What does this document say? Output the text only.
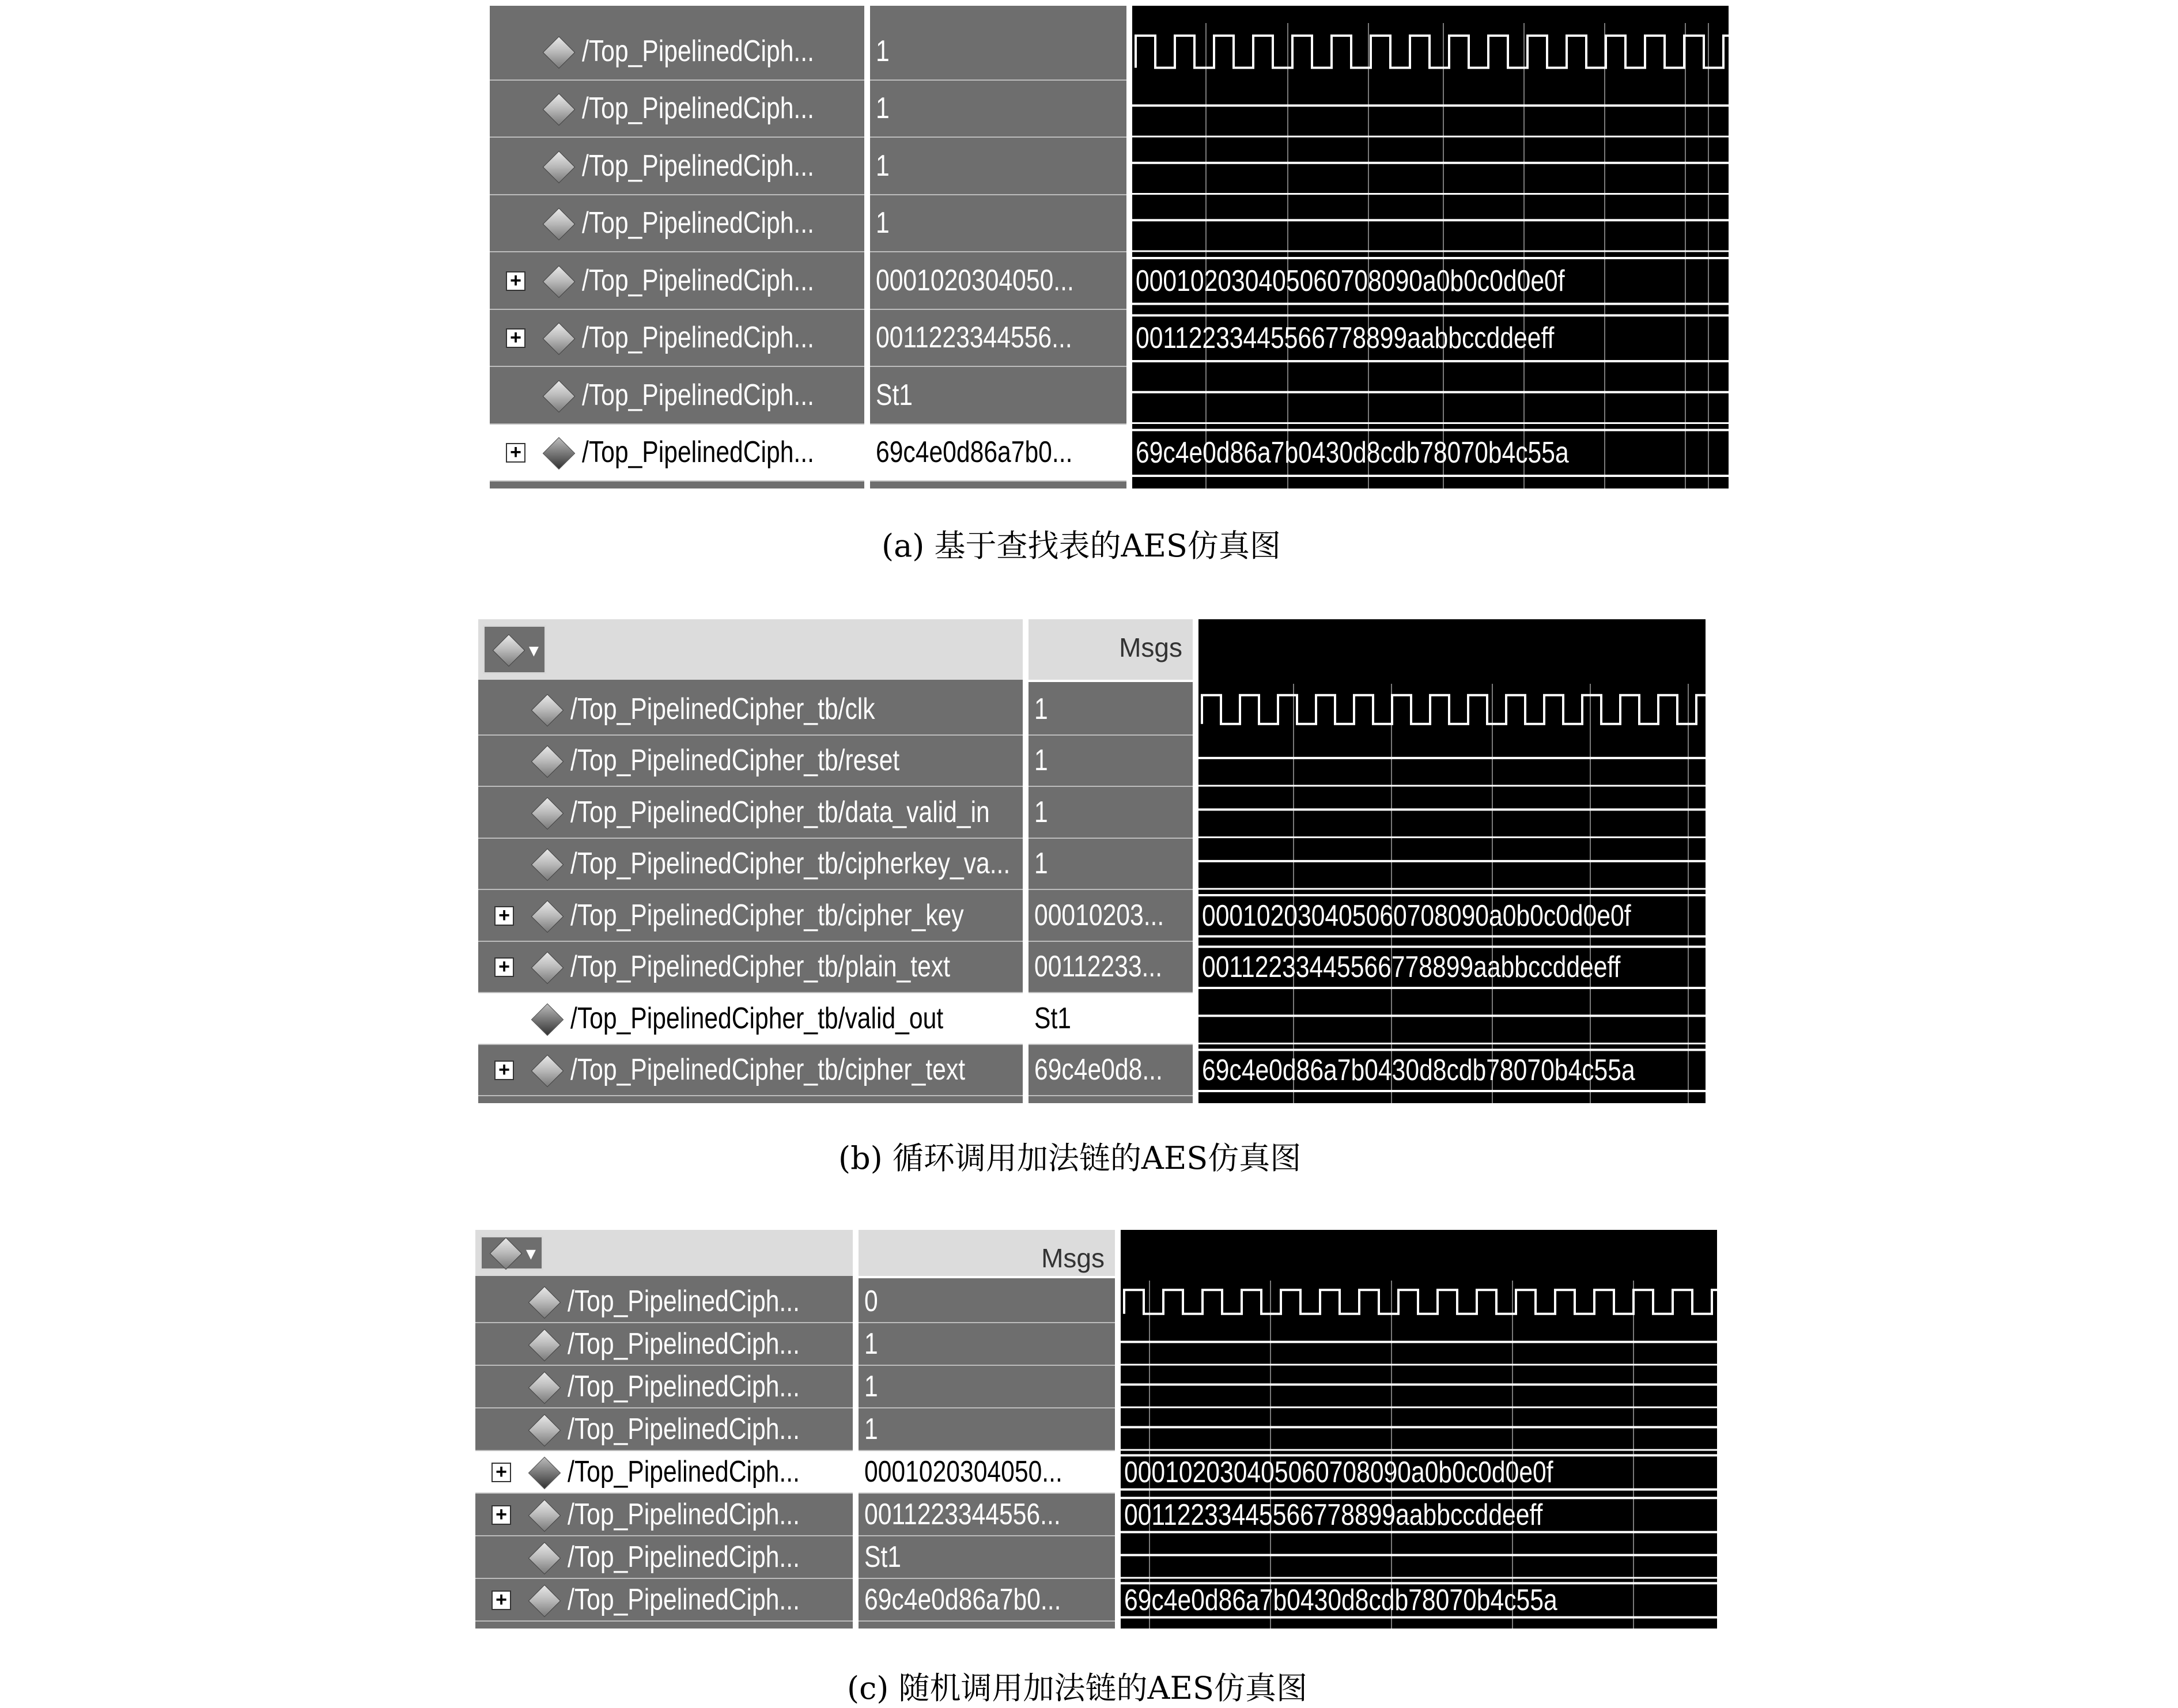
/Top_PipelinedCiph...
/Top_PipelinedCiph...
/Top_PipelinedCiph...
/Top_PipelinedCiph...
+ /Top_PipelinedCiph...
+ /Top_PipelinedCiph...
/Top_PipelinedCiph...
+ /Top_PipelinedCiph...
1
1
1
1
0001020304050...
0011223344556...
St1
69c4e0d86a7b0...
000102030405060708090a0b0c0d0e0f
00112233445566778899aabbccddeeff
69c4e0d86a7b0430d8cdb78070b4c55a
(a) 基于查找表的AES仿真图
▾
/Top_PipelinedCipher_tb/clk
/Top_PipelinedCipher_tb/reset
/Top_PipelinedCipher_tb/data_valid_in
/Top_PipelinedCipher_tb/cipherkey_va...
+ /Top_PipelinedCipher_tb/cipher_key
+ /Top_PipelinedCipher_tb/plain_text
/Top_PipelinedCipher_tb/valid_out
+ /Top_PipelinedCipher_tb/cipher_text
Msgs
1
1
1
1
00010203...
00112233...
St1
69c4e0d8...
000102030405060708090a0b0c0d0e0f
00112233445566778899aabbccddeeff
69c4e0d86a7b0430d8cdb78070b4c55a
(b) 循环调用加法链的AES仿真图
▾
/Top_PipelinedCiph...
/Top_PipelinedCiph...
/Top_PipelinedCiph...
/Top_PipelinedCiph...
+ /Top_PipelinedCiph...
+ /Top_PipelinedCiph...
/Top_PipelinedCiph...
+ /Top_PipelinedCiph...
Msgs
0
1
1
1
0001020304050...
0011223344556...
St1
69c4e0d86a7b0...
000102030405060708090a0b0c0d0e0f
00112233445566778899aabbccddeeff
69c4e0d86a7b0430d8cdb78070b4c55a
(c) 随机调用加法链的AES仿真图
